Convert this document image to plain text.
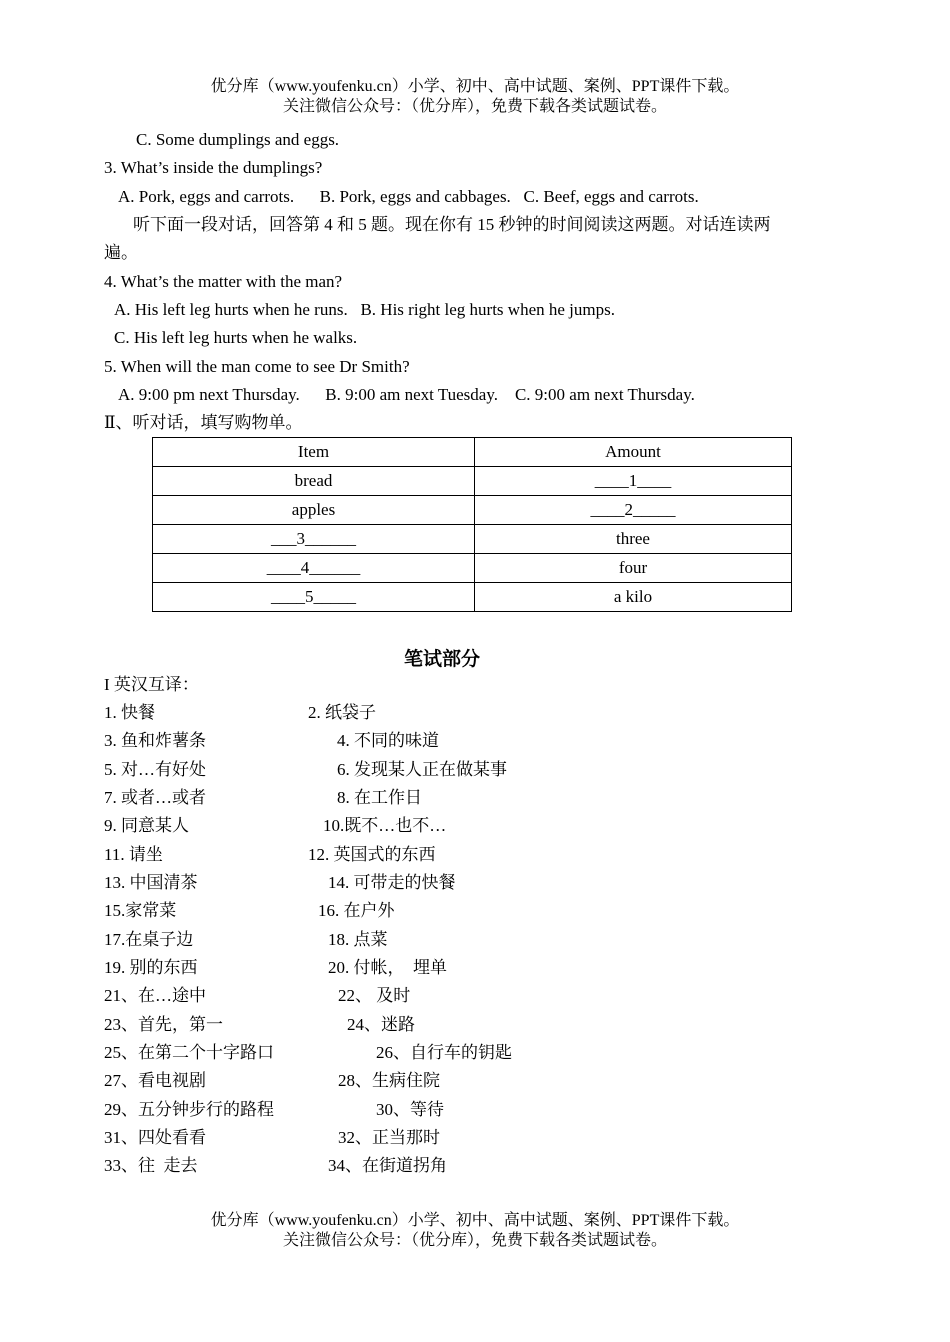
优分库（www.youfenku.cn）小学、初中、高中试题、案例、PPT课件下载。
关注微信公众号：（优分库），免费下载各类试题试卷。
C. Some dumplings and eggs.
3. What’s inside the dumplings?
A. Pork, eggs and carrots.      B. Pork, eggs and cabbages.   C. Beef, eggs and carrots.
听下面一段对话，回答第 4 和 5 题。现在你有 15 秒钟的时间阅读这两题。对话连读两
遍。
4. What’s the matter with the man?
A. His left leg hurts when he runs.   B. His right leg hurts when he jumps.
C. His left leg hurts when he walks.
5. When will the man come to see Dr Smith?
A. 9:00 pm next Thursday.      B. 9:00 am next Tuesday.    C. 9:00 am next Thursday.
Ⅱ、听对话，填写购物单。
Item	Amount
bread	____1____
apples	____2_____
___3______	three
____4______	four
____5_____	a kilo
笔试部分
I 英汉互译：
1. 快餐	2. 纸袋子
3. 鱼和炸薯条	4. 不同的味道
5. 对…有好处	6. 发现某人正在做某事
7. 或者…或者	8. 在工作日
9. 同意某人	10.既不…也不…
11. 请坐	12. 英国式的东西
13. 中国清茶	14. 可带走的快餐
15.家常菜	16. 在户外
17.在桌子边	18. 点菜
19. 别的东西	20. 付帐，  埋单
21、在…途中	22、 及时
23、首先，第一	24、迷路
25、在第二个十字路口	26、自行车的钥匙
27、看电视剧	28、生病住院
29、五分钟步行的路程	30、等待
31、四处看看	32、正当那时
33、往  走去	34、在街道拐角
优分库（www.youfenku.cn）小学、初中、高中试题、案例、PPT课件下载。
关注微信公众号：（优分库），免费下载各类试题试卷。
